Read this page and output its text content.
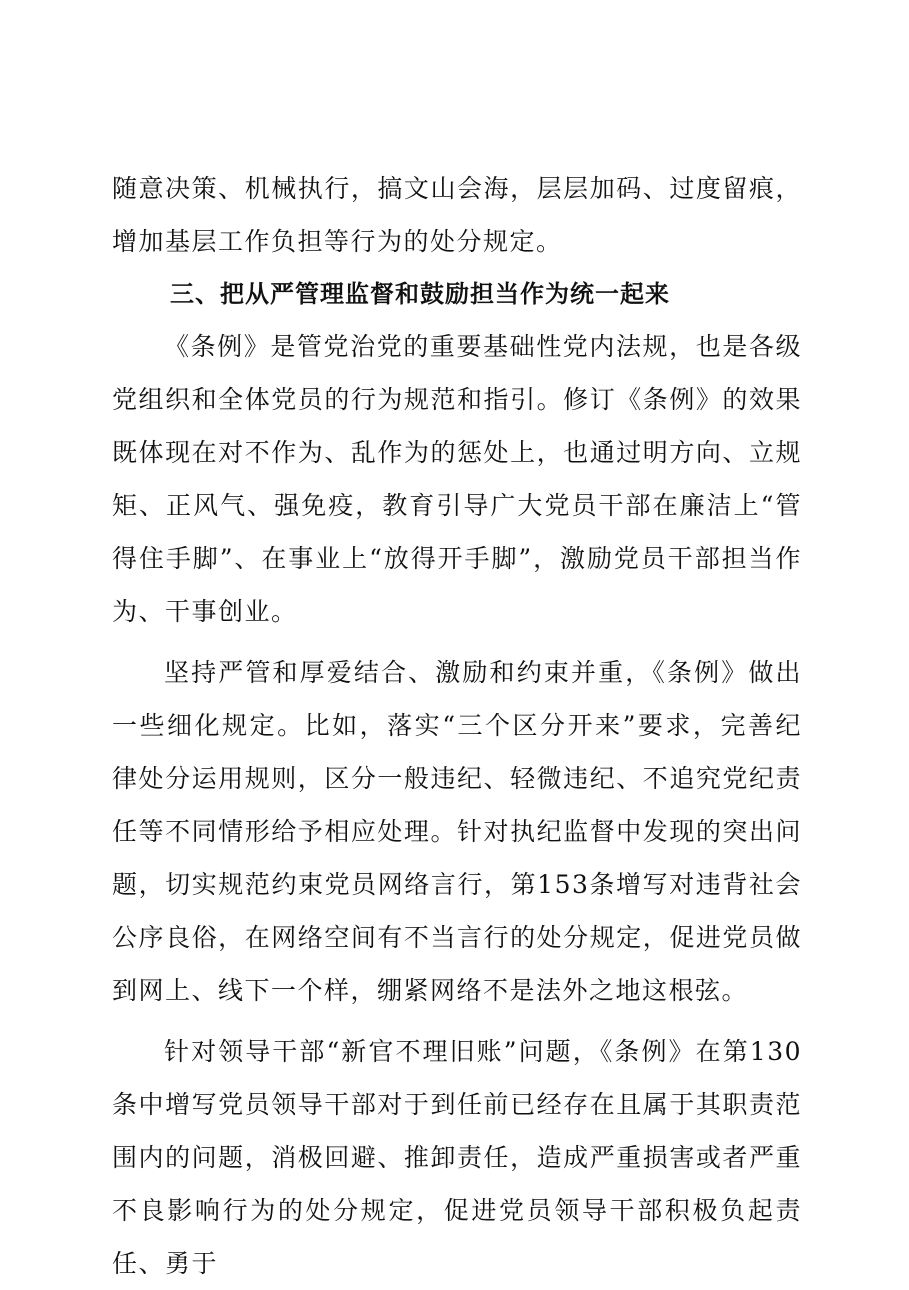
随意决策、机械执行，搞文山会海，层层加码、过度留痕，增加基层工作负担等行为的处分规定。

三、把从严管理监督和鼓励担当作为统一起来

《条例》是管党治党的重要基础性党内法规，也是各级党组织和全体党员的行为规范和指引。修订《条例》的效果既体现在对不作为、乱作为的惩处上，也通过明方向、立规矩、正风气、强免疫，教育引导广大党员干部在廉洁上“管得住手脚”、在事业上“放得开手脚”，激励党员干部担当作为、干事创业。

坚持严管和厚爱结合、激励和约束并重，《条例》做出一些细化规定。比如，落实“三个区分开来”要求，完善纪律处分运用规则，区分一般违纪、轻微违纪、不追究党纪责任等不同情形给予相应处理。针对执纪监督中发现的突出问题，切实规范约束党员网络言行，第153条增写对违背社会公序良俗，在网络空间有不当言行的处分规定，促进党员做到网上、线下一个样，绷紧网络不是法外之地这根弦。

针对领导干部“新官不理旧账”问题，《条例》在第130条中增写党员领导干部对于到任前已经存在且属于其职责范围内的问题，消极回避、推卸责任，造成严重损害或者严重不良影响行为的处分规定，促进党员领导干部积极负起责任、勇于
